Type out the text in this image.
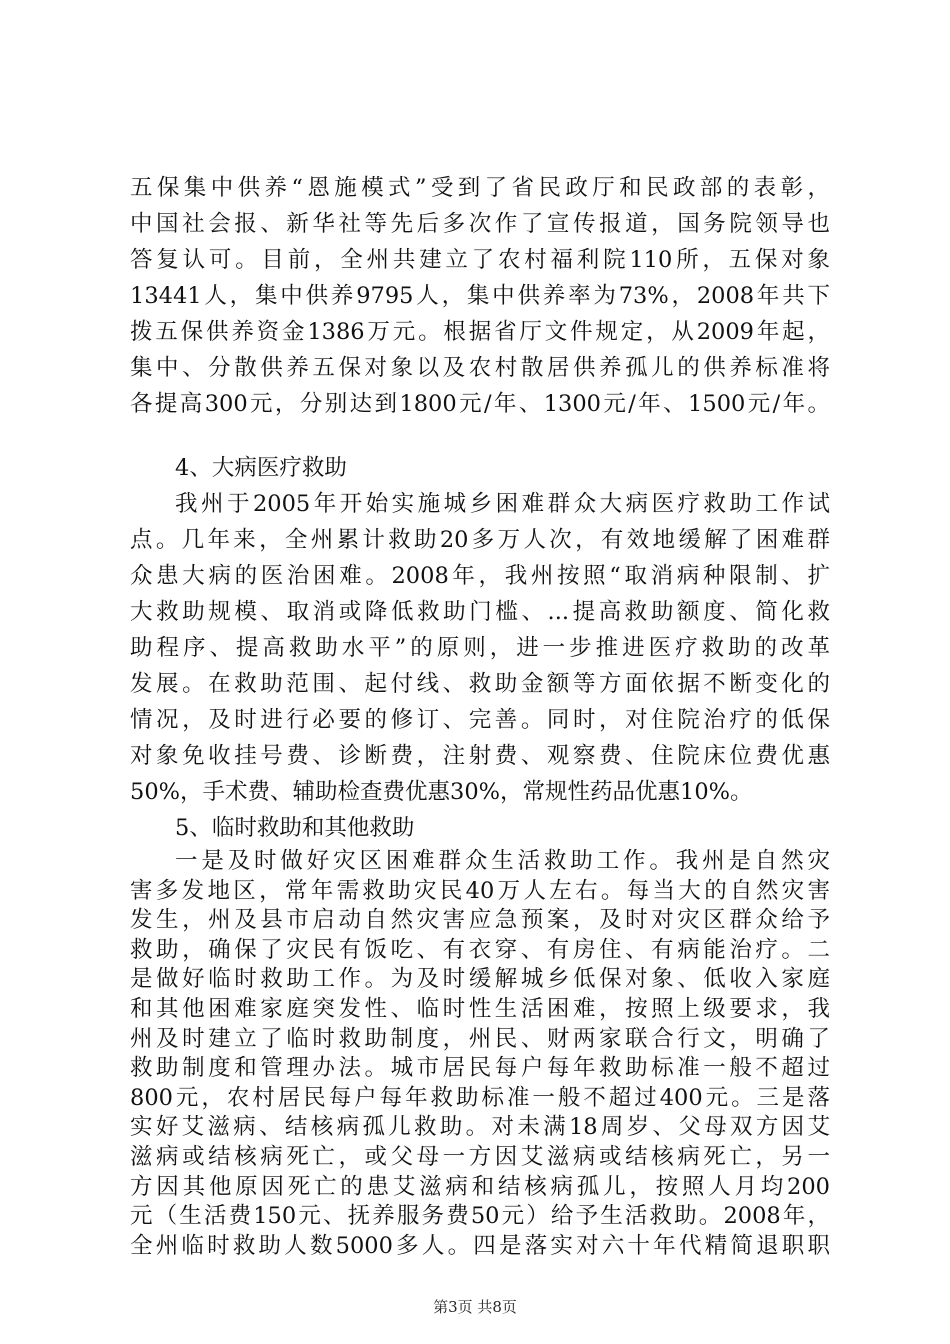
五保集中供养“恩施模式”受到了省民政厅和民政部的表彰，
中国社会报、新华社等先后多次作了宣传报道，国务院领导也
答复认可。目前，全州共建立了农村福利院110所，五保对象
13441人，集中供养9795人，集中供养率为73%，2008年共下
拨五保供养资金1386万元。根据省厅文件规定，从2009年起，
集中、分散供养五保对象以及农村散居供养孤儿的供养标准将
各提高300元，分别达到1800元/年、1300元/年、1500元/年。
4、大病医疗救助
我州于2005年开始实施城乡困难群众大病医疗救助工作试
点。几年来，全州累计救助20多万人次，有效地缓解了困难群
众患大病的医治困难。2008年，我州按照“取消病种限制、扩
大救助规模、取消或降低救助门槛、...提高救助额度、简化救
助程序、提高救助水平”的原则，进一步推进医疗救助的改革
发展。在救助范围、起付线、救助金额等方面依据不断变化的
情况，及时进行必要的修订、完善。同时，对住院治疗的低保
对象免收挂号费、诊断费，注射费、观察费、住院床位费优惠
50%，手术费、辅助检查费优惠30%，常规性药品优惠10%。
5、临时救助和其他救助
一是及时做好灾区困难群众生活救助工作。我州是自然灾
害多发地区，常年需救助灾民40万人左右。每当大的自然灾害
发生，州及县市启动自然灾害应急预案，及时对灾区群众给予
救助，确保了灾民有饭吃、有衣穿、有房住、有病能治疗。二
是做好临时救助工作。为及时缓解城乡低保对象、低收入家庭
和其他困难家庭突发性、临时性生活困难，按照上级要求，我
州及时建立了临时救助制度，州民、财两家联合行文，明确了
救助制度和管理办法。城市居民每户每年救助标准一般不超过
800元，农村居民每户每年救助标准一般不超过400元。三是落
实好艾滋病、结核病孤儿救助。对未满18周岁、父母双方因艾
滋病或结核病死亡，或父母一方因艾滋病或结核病死亡，另一
方因其他原因死亡的患艾滋病和结核病孤儿，按照人月均200
元（生活费150元、抚养服务费50元）给予生活救助。2008年，
全州临时救助人数5000多人。四是落实对六十年代精简退职职
第3页 共8页
